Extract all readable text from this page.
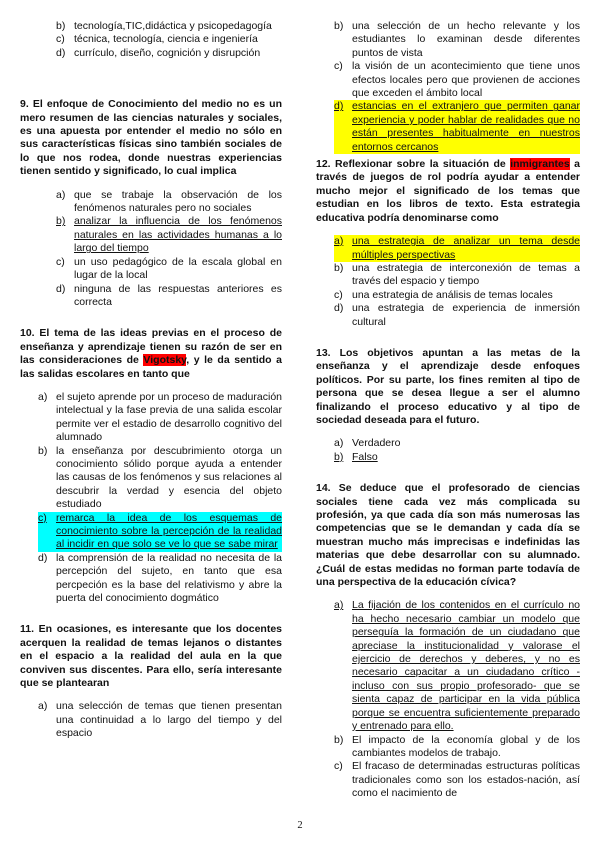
b) tecnología,TIC,didáctica y psicopedagogía
c) técnica, tecnología, ciencia e ingeniería
d) currículo, diseño, cognición y disrupción

9. El enfoque de Conocimiento del medio no es un mero resumen de las ciencias naturales y sociales, es una apuesta por entender el medio no sólo en sus características físicas sino también sociales de lo que nos rodea, donde nuestras experiencias tienen sentido y significado, lo cual implica

a) que se trabaje la observación de los fenómenos naturales pero no sociales
b) analizar la influencia de los fenómenos naturales en las actividades humanas a lo largo del tiempo
c) un uso pedagógico de la escala global en lugar de la local
d) ninguna de las respuestas anteriores es correcta

10. El tema de las ideas previas en el proceso de enseñanza y aprendizaje tienen su razón de ser en las consideraciones de Vigotsky, y le da sentido a las salidas escolares en tanto que

a) el sujeto aprende por un proceso de maduración intelectual y la fase previa de una salida escolar permite ver el estadio de desarrollo cognitivo del alumnado
b) la enseñanza por descubrimiento otorga un conocimiento sólido porque ayuda a entender las causas de los fenómenos y sus relaciones al descubrir la verdad y esencia del objeto estudiado
c) remarca la idea de los esquemas de conocimiento sobre la percepción de la realidad al incidir en que solo se ve lo que se sabe mirar
d) la comprensión de la realidad no necesita de la percepción del sujeto, en tanto que esa percpeción es la base del relativismo y abre la puerta del conocimiento dogmático

11. En ocasiones, es interesante que los docentes acerquen la realidad de temas lejanos o distantes en el espacio a la realidad del aula en la que conviven sus discentes. Para ello, sería interesante que se plantearan

a) una selección de temas que tienen presentan una continuidad a lo largo del tiempo y del espacio
b) una selección de un hecho relevante y los estudiantes lo examinan desde diferentes puntos de vista
c) la visión de un acontecimiento que tiene unos efectos locales pero que provienen de acciones que exceden el ámbito local
d) estancias en el extranjero que permiten ganar experiencia y poder hablar de realidades que no están presentes habitualmente en nuestros entornos cercanos

12. Reflexionar sobre la situación de inmigrantes a través de juegos de rol podría ayudar a entender mucho mejor el significado de los temas que estudian en los libros de texto. Esta estrategia educativa podría denominarse como

a) una estrategia de analizar un tema desde múltiples perspectivas
b) una estrategia de interconexión de temas a través del espacio y tiempo
c) una estrategia de análisis de temas locales
d) una estrategia de experiencia de inmersión cultural

13. Los objetivos apuntan a las metas de la enseñanza y el aprendizaje desde enfoques políticos. Por su parte, los fines remiten al tipo de persona que se desea llegue a ser el alumno finalizando el proceso educativo y al tipo de sociedad deseada para el futuro.

a) Verdadero
b) Falso

14. Se deduce que el profesorado de ciencias sociales tiene cada vez más complicada su profesión, ya que cada día son más numerosas las competencias que se le demandan y cada día se muestran mucho más imprecisas e indefinidas las materias que debe desarrollar con su alumnado. ¿Cuál de estas medidas no forman parte todavía de una perspectiva de la educación cívica?

a) La fijación de los contenidos en el currículo no ha hecho necesario cambiar un modelo que perseguía la formación de un ciudadano que apreciase la institucionalidad y valorase el ejercicio de derechos y deberes, y no es necesario capacitar a un ciudadano crítico -incluso con sus propio profesorado- que se sienta capaz de participar en la vida pública porque se encuentra suficientemente preparado y entrenado para ello.
b) El impacto de la economía global y de los cambiantes modelos de trabajo.
c) El fracaso de determinadas estructuras políticas tradicionales como son los estados-nación, así como el nacimiento de
2
